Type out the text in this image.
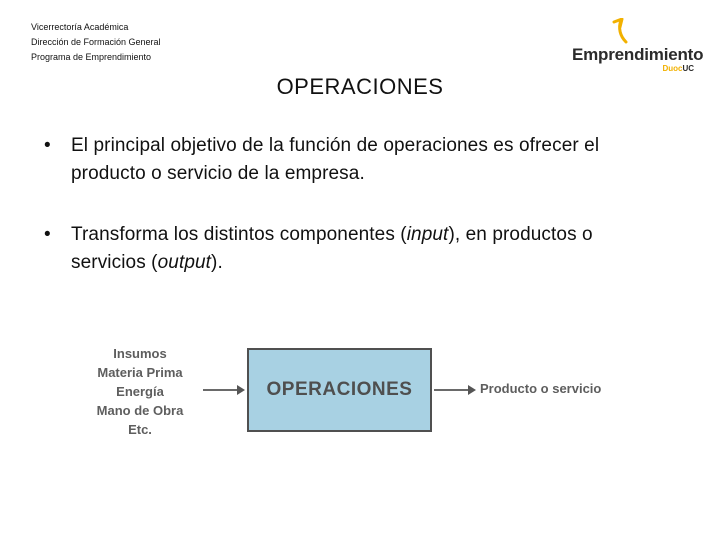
Vicerrectoría Académica
Dirección de Formación General
Programa de Emprendimiento	Emprendimiento
DuocUC
OPERACIONES
• El principal objetivo de la función de operaciones es ofrecer el producto o servicio de la empresa.
• Transforma los distintos componentes (input), en productos o servicios (output).
Insumos
Materia Prima
Energía
Mano de Obra
Etc.
OPERACIONES	Producto o servicio
